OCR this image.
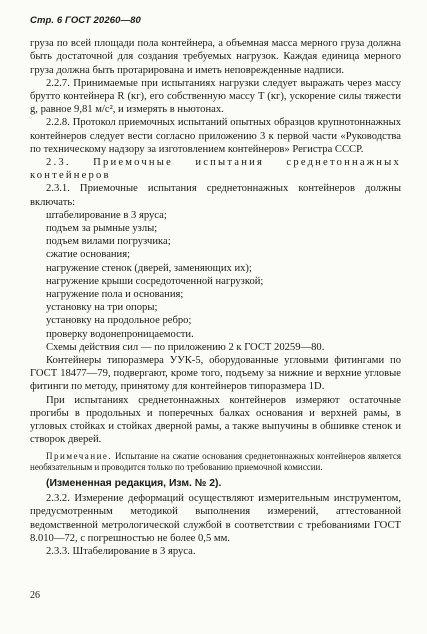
Стр. 6 ГОСТ 20260—80

груза по всей площади пола контейнера, а объемная масса мерного груза должна быть достаточной для создания требуемых нагрузок. Каждая единица мерного груза должна быть протарирована и иметь неповрежденные надписи.

2.2.7. Принимаемые при испытаниях нагрузки следует выражать через массу брутто контейнера R (кг), его собственную массу T (кг), ускорение силы тяжести g, равное 9,81 м/с², и измерять в ньютонах.

2.2.8. Протокол приемочных испытаний опытных образцов крупнотоннажных контейнеров следует вести согласно приложению 3 к первой части «Руководства по техническому надзору за изготовлением контейнеров» Регистра СССР.

2.3. Приемочные испытания среднетоннажных контейнеров

2.3.1. Приемочные испытания среднетоннажных контейнеров должны включать:

штабелирование в 3 яруса;
подъем за рымные узлы;
подъем вилами погрузчика;
сжатие основания;
нагружение стенок (дверей, заменяющих их);
нагружение крыши сосредоточенной нагрузкой;
нагружение пола и основания;
установку на три опоры;
установку на продольное ребро;
проверку водонепроницаемости.

Схемы действия сил — по приложению 2 к ГОСТ 20259—80.

Контейнеры типоразмера УУК-5, оборудованные угловыми фитингами по ГОСТ 18477—79, подвергают, кроме того, подъему за нижние и верхние угловые фитинги по методу, принятому для контейнеров типоразмера 1D.

При испытаниях среднетоннажных контейнеров измеряют остаточные прогибы в продольных и поперечных балках основания и верхней рамы, в угловых стойках и стойках дверной рамы, а также выпучины в обшивке стенок и створок дверей.

Примечание. Испытание на сжатие основания среднетоннажных контейнеров является необязательным и проводится только по требованию приемочной комиссии.

(Измененная редакция, Изм. № 2).

2.3.2. Измерение деформаций осуществляют измерительным инструментом, предусмотренным методикой выполнения измерений, аттестованной ведомственной метрологической службой в соответствии с требованиями ГОСТ 8.010—72, с погрешностью не более 0,5 мм.

2.3.3. Штабелирование в 3 яруса.

26
